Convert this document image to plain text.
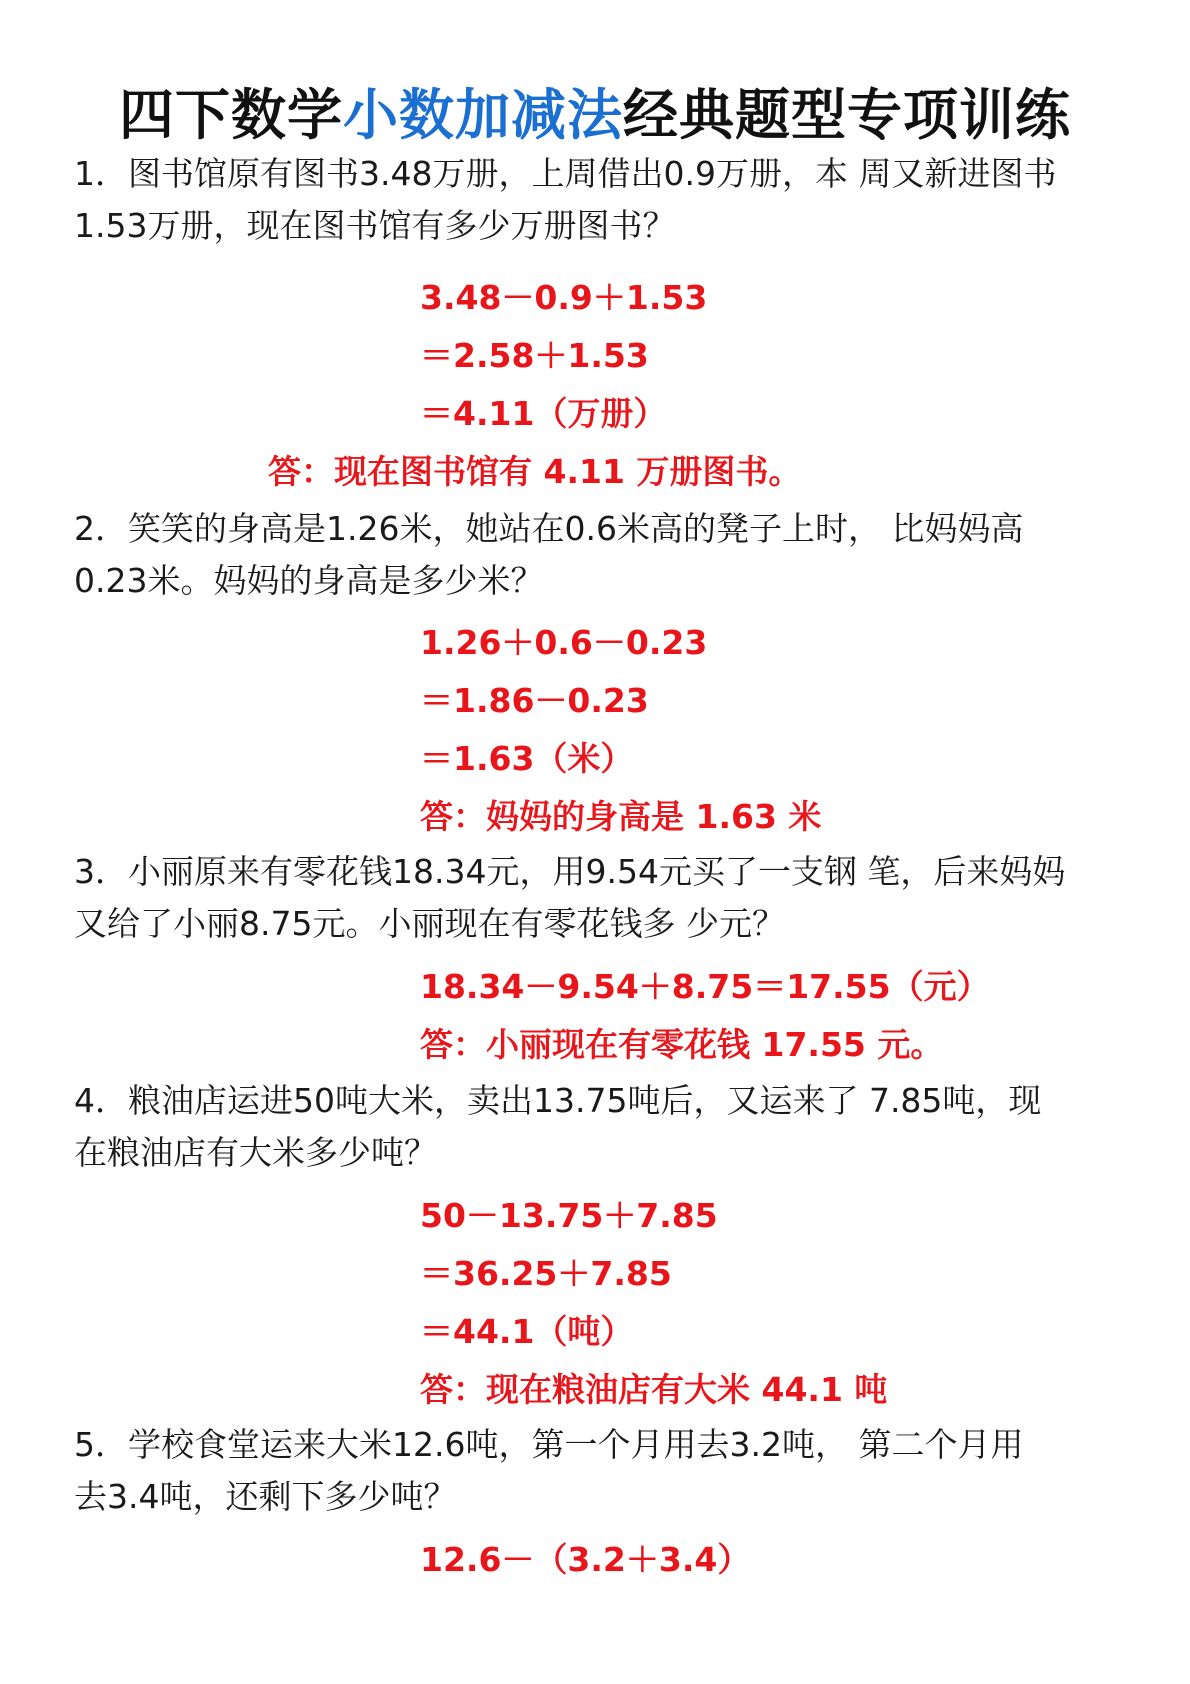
四下数学小数加减法经典题型专项训练
1．图书馆原有图书3.48万册，上周借出0.9万册，本 周又新进图书
1.53万册，现在图书馆有多少万册图书？
3.48－0.9＋1.53
＝2.58＋1.53
＝4.11（万册）
答：现在图书馆有 4.11 万册图书。
2．笑笑的身高是1.26米，她站在0.6米高的凳子上时， 比妈妈高
0.23米。妈妈的身高是多少米？
1.26＋0.6－0.23
＝1.86－0.23
＝1.63（米）
答：妈妈的身高是 1.63 米
3．小丽原来有零花钱18.34元，用9.54元买了一支钢 笔，后来妈妈
又给了小丽8.75元。小丽现在有零花钱多 少元？
18.34－9.54＋8.75＝17.55（元）
答：小丽现在有零花钱 17.55 元。
4．粮油店运进50吨大米，卖出13.75吨后，又运来了 7.85吨，现
在粮油店有大米多少吨？
50－13.75＋7.85
＝36.25＋7.85
＝44.1（吨）
答：现在粮油店有大米 44.1 吨
5．学校食堂运来大米12.6吨，第一个月用去3.2吨， 第二个月用
去3.4吨，还剩下多少吨？
12.6－（3.2＋3.4）
